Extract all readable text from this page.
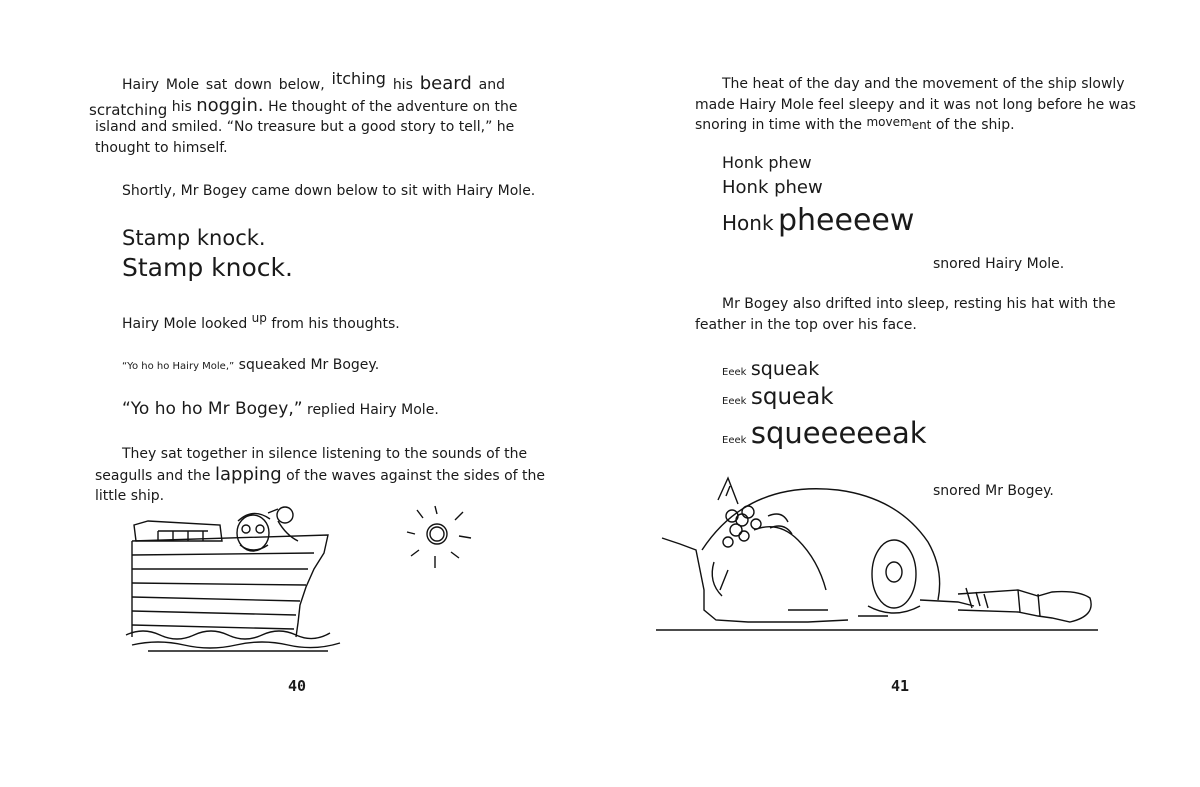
Hairy Mole sat down below, itching his beard and
scratching his noggin. He thought of the adventure on the
island and smiled. “No treasure but a good story to tell,” he
thought to himself.

Shortly, Mr Bogey came down below to sit with Hairy Mole.

Stamp knock.

Stamp knock.

Hairy Mole looked up from his thoughts.

“Yo ho ho Hairy Mole,” squeaked Mr Bogey.

“Yo ho ho Mr Bogey,” replied Hairy Mole.

They sat together in silence listening to the sounds of the
seagulls and the lapping of the waves against the sides of the
little ship.
40
The heat of the day and the movement of the ship slowly
made Hairy Mole feel sleepy and it was not long before he was
snoring in time with the movement of the ship.

Honk phew

Honk phew

Honk pheeeew

snored Hairy Mole.

Mr Bogey also drifted into sleep, resting his hat with the
feather in the top over his face.

Eeek squeak

Eeek squeak

Eeek squeeeeeak

snored Mr Bogey.

41
